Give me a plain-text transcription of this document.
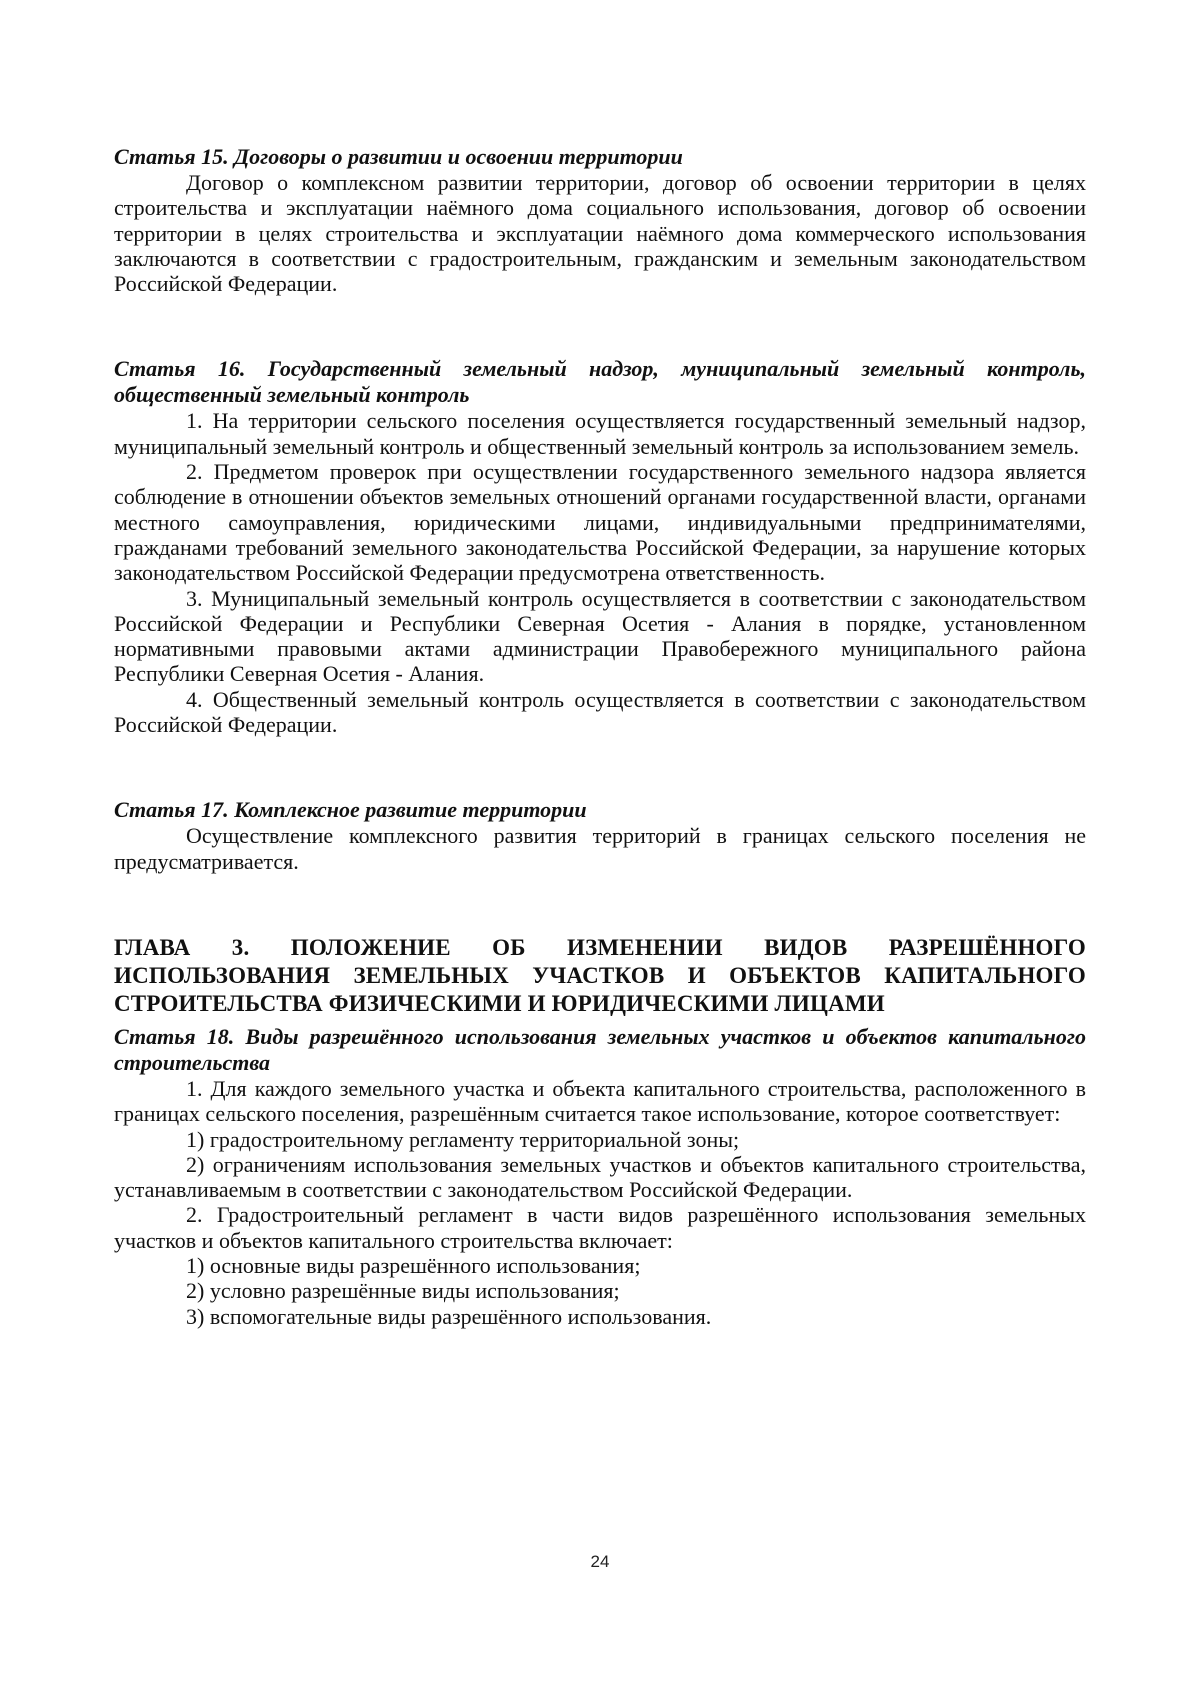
Статья 15. Договоры о развитии и освоении территории

Договор о комплексном развитии территории, договор об освоении территории в целях строительства и эксплуатации наёмного дома социального использования, договор об освоении территории в целях строительства и эксплуатации наёмного дома коммерческого использования заключаются в соответствии с градостроительным, гражданским и земельным законодательством Российской Федерации.

Статья 16. Государственный земельный надзор, муниципальный земельный контроль, общественный земельный контроль

1. На территории сельского поселения осуществляется государственный земельный надзор, муниципальный земельный контроль и общественный земельный контроль за использованием земель.

2. Предметом проверок при осуществлении государственного земельного надзора является соблюдение в отношении объектов земельных отношений органами государственной власти, органами местного самоуправления, юридическими лицами, индивидуальными предпринимателями, гражданами требований земельного законодательства Российской Федерации, за нарушение которых законодательством Российской Федерации предусмотрена ответственность.

3. Муниципальный земельный контроль осуществляется в соответствии с законодательством Российской Федерации и Республики Северная Осетия - Алания в порядке, установленном нормативными правовыми актами администрации Правобережного муниципального района Республики Северная Осетия - Алания.

4. Общественный земельный контроль осуществляется в соответствии с законодательством Российской Федерации.

Статья 17. Комплексное развитие территории

Осуществление комплексного развития территорий в границах сельского поселения не предусматривается.

ГЛАВА 3. ПОЛОЖЕНИЕ ОБ ИЗМЕНЕНИИ ВИДОВ РАЗРЕШЁННОГО ИСПОЛЬЗОВАНИЯ ЗЕМЕЛЬНЫХ УЧАСТКОВ И ОБЪЕКТОВ КАПИТАЛЬНОГО СТРОИТЕЛЬСТВА ФИЗИЧЕСКИМИ И ЮРИДИЧЕСКИМИ ЛИЦАМИ

Статья 18. Виды разрешённого использования земельных участков и объектов капитального строительства

1. Для каждого земельного участка и объекта капитального строительства, расположенного в границах сельского поселения, разрешённым считается такое использование, которое соответствует:

1) градостроительному регламенту территориальной зоны;

2) ограничениям использования земельных участков и объектов капитального строительства, устанавливаемым в соответствии с законодательством Российской Федерации.

2. Градостроительный регламент в части видов разрешённого использования земельных участков и объектов капитального строительства включает:

1) основные виды разрешённого использования;

2) условно разрешённые виды использования;

3) вспомогательные виды разрешённого использования.

24
